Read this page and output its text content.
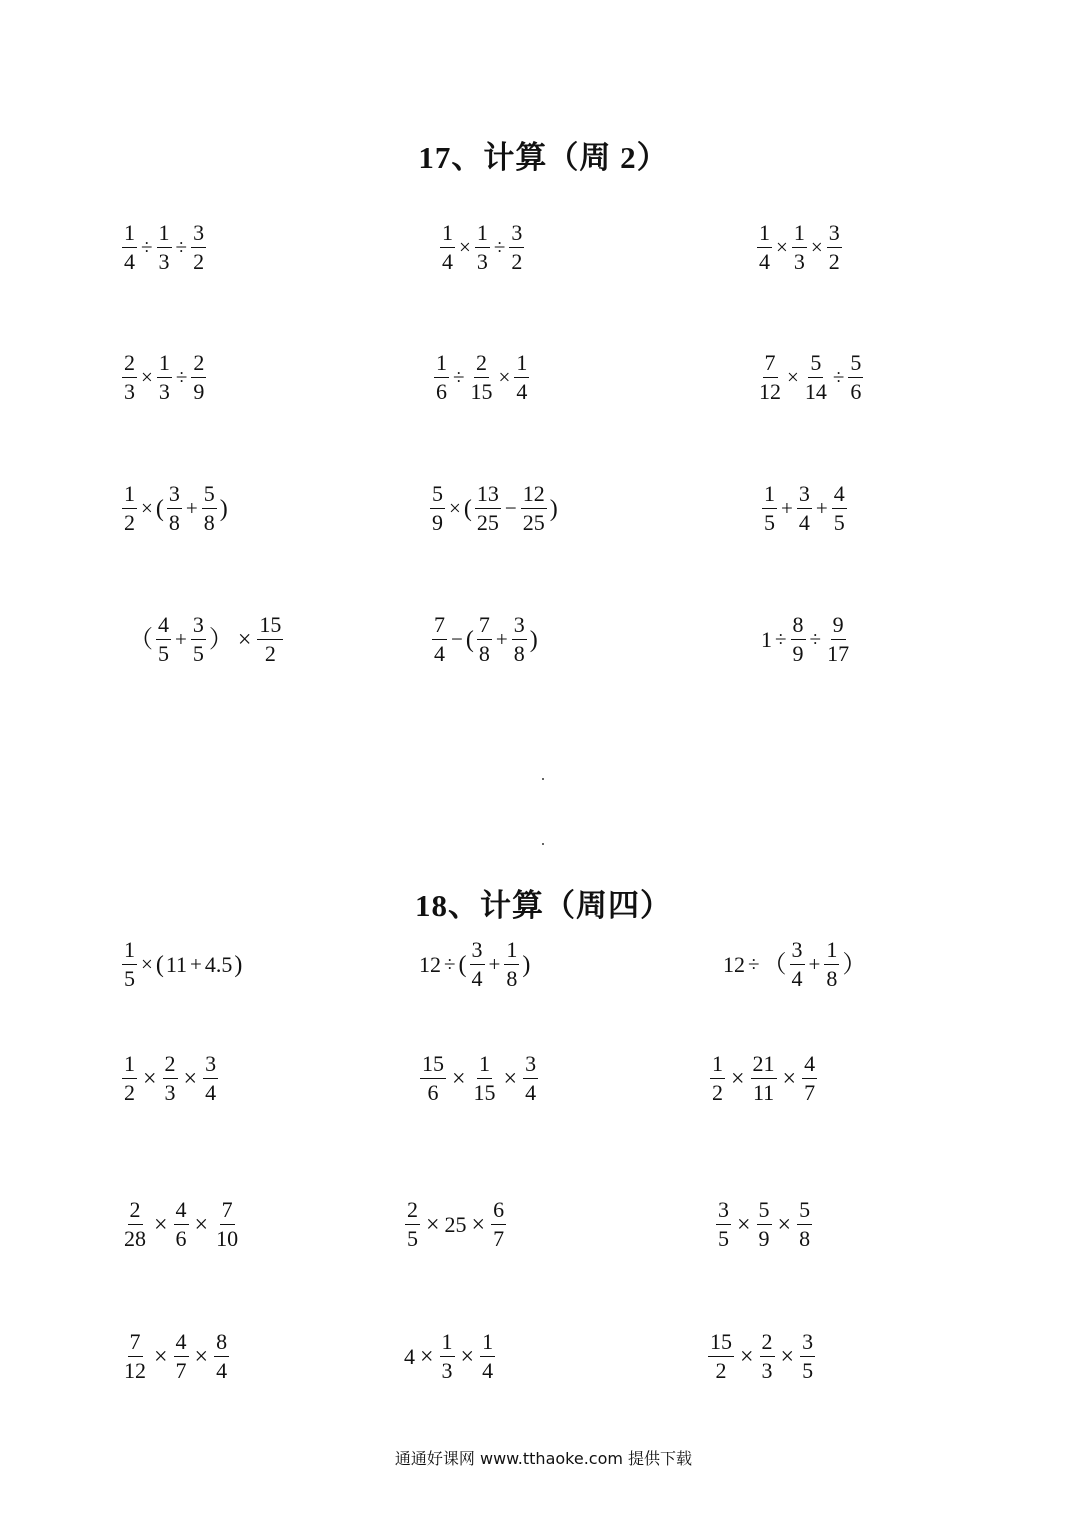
17、计算（周 2）
$\frac{1}{4} \div \frac{1}{3} \div \frac{3}{2}$	$\frac{1}{4} \times \frac{1}{3} \div \frac{3}{2}$	$\frac{1}{4} \times \frac{1}{3} \times \frac{3}{2}$
$\frac{2}{3} \times \frac{1}{3} \div \frac{2}{9}$	$\frac{1}{6} \div \frac{2}{15} \times \frac{1}{4}$	$\frac{7}{12} \times \frac{5}{14} \div \frac{5}{6}$
$\frac{1}{2}$ × ( $\frac{3}{8} + \frac{5}{8}$ )	$\frac{5}{9}$ × ( $\frac{13}{25} - \frac{12}{25}$ )	$\frac{1}{5} + \frac{3}{4} + \frac{4}{5}$
（ $\frac{4}{5} + \frac{3}{5}$ ） × $\frac{15}{2}$	$\frac{7}{4}$ − ( $\frac{7}{8} + \frac{3}{8}$ )	$1 \div \frac{8}{9} \div \frac{9}{17}$
18、计算（周四）
$\frac{1}{5}$ × ( 11 + 4.5 )	12 ÷ ( $\frac{3}{4} + \frac{1}{8}$ )	12 ÷ （ $\frac{3}{4} + \frac{1}{8}$ ）
$\frac{1}{2} \times \frac{2}{3} \times \frac{3}{4}$	$\frac{15}{6} \times \frac{1}{15} \times \frac{3}{4}$	$\frac{1}{2} \times \frac{21}{11} \times \frac{4}{7}$
$\frac{2}{28} \times \frac{4}{6} \times \frac{7}{10}$	$\frac{2}{5} \times 25 \times \frac{6}{7}$	$\frac{3}{5} \times \frac{5}{9} \times \frac{5}{8}$
$\frac{7}{12} \times \frac{4}{7} \times \frac{8}{4}$	$4 \times \frac{1}{3} \times \frac{1}{4}$	$\frac{15}{2} \times \frac{2}{3} \times \frac{3}{5}$
通通好课网 www.tthaoke.com 提供下载
